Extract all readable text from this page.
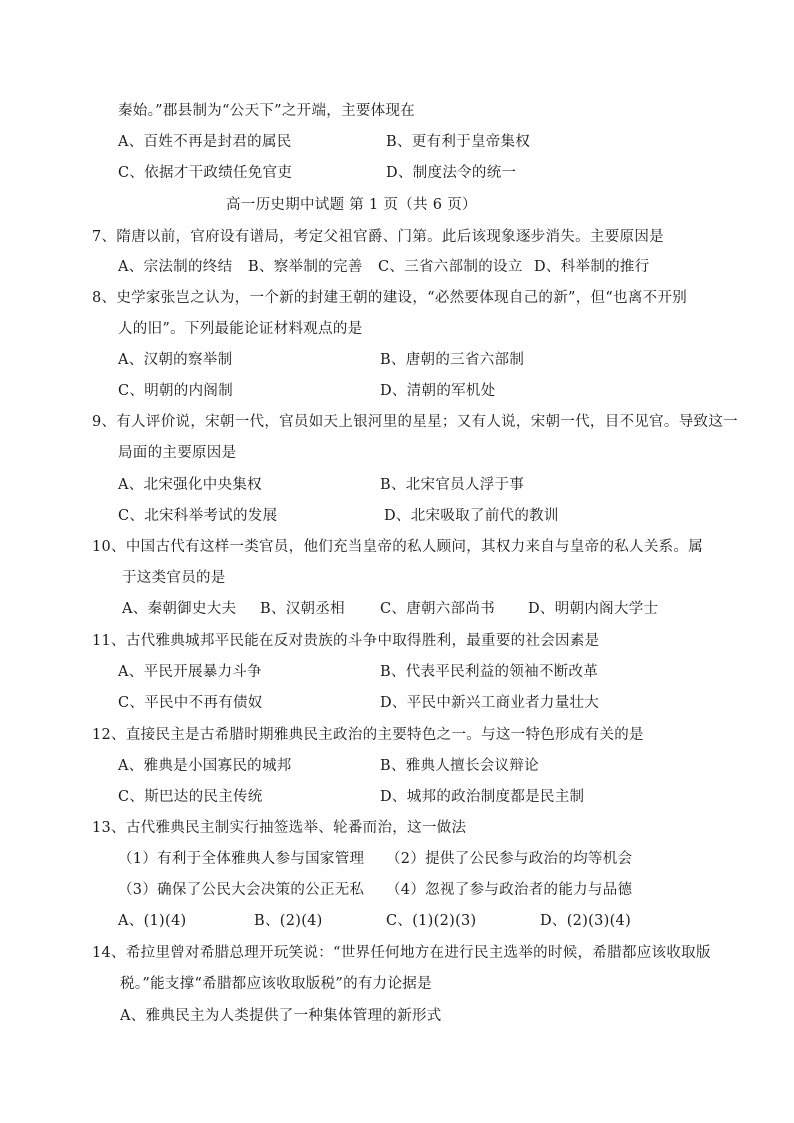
秦始。”郡县制为“公天下”之开端，主要体现在
A、百姓不再是封君的属民	B、更有利于皇帝集权
C、依据才干政绩任免官吏	D、制度法令的统一
高一历史期中试题 第 1 页（共 6 页）
7、隋唐以前，官府设有谱局，考定父祖官爵、门第。此后该现象逐步消失。主要原因是
A、宗法制的终结 B、察举制的完善 C、三省六部制的设立 D、科举制的推行
8、史学家张岂之认为，一个新的封建王朝的建设，“必然要体现自己的新”，但“也离不开别
人的旧”。下列最能论证材料观点的是
A、汉朝的察举制	B、唐朝的三省六部制
C、明朝的内阁制	D、清朝的军机处
9、有人评价说，宋朝一代，官员如天上银河里的星星；又有人说，宋朝一代，目不见官。导致这一
局面的主要原因是
A、北宋强化中央集权	B、北宋官员人浮于事
C、北宋科举考试的发展	D、北宋吸取了前代的教训
10、中国古代有这样一类官员，他们充当皇帝的私人顾问，其权力来自与皇帝的私人关系。属
于这类官员的是
A、秦朝御史大夫 B、汉朝丞相 C、唐朝六部尚书 D、明朝内阁大学士
11、古代雅典城邦平民能在反对贵族的斗争中取得胜利，最重要的社会因素是
A、平民开展暴力斗争	B、代表平民利益的领袖不断改革
C、平民中不再有债奴	D、平民中新兴工商业者力量壮大
12、直接民主是古希腊时期雅典民主政治的主要特色之一。与这一特色形成有关的是
A、雅典是小国寡民的城邦	B、雅典人擅长会议辩论
C、斯巴达的民主传统	D、城邦的政治制度都是民主制
13、古代雅典民主制实行抽签选举、轮番而治，这一做法
（1）有利于全体雅典人参与国家管理 （2）提供了公民参与政治的均等机会
（3）确保了公民大会决策的公正无私 （4）忽视了参与政治者的能力与品德
A、(1)(4)	B、(2)(4)	C、(1)(2)(3)	D、(2)(3)(4)
14、希拉里曾对希腊总理开玩笑说：“世界任何地方在进行民主选举的时候，希腊都应该收取版
税。”能支撑“希腊都应该收取版税”的有力论据是
A、雅典民主为人类提供了一种集体管理的新形式
